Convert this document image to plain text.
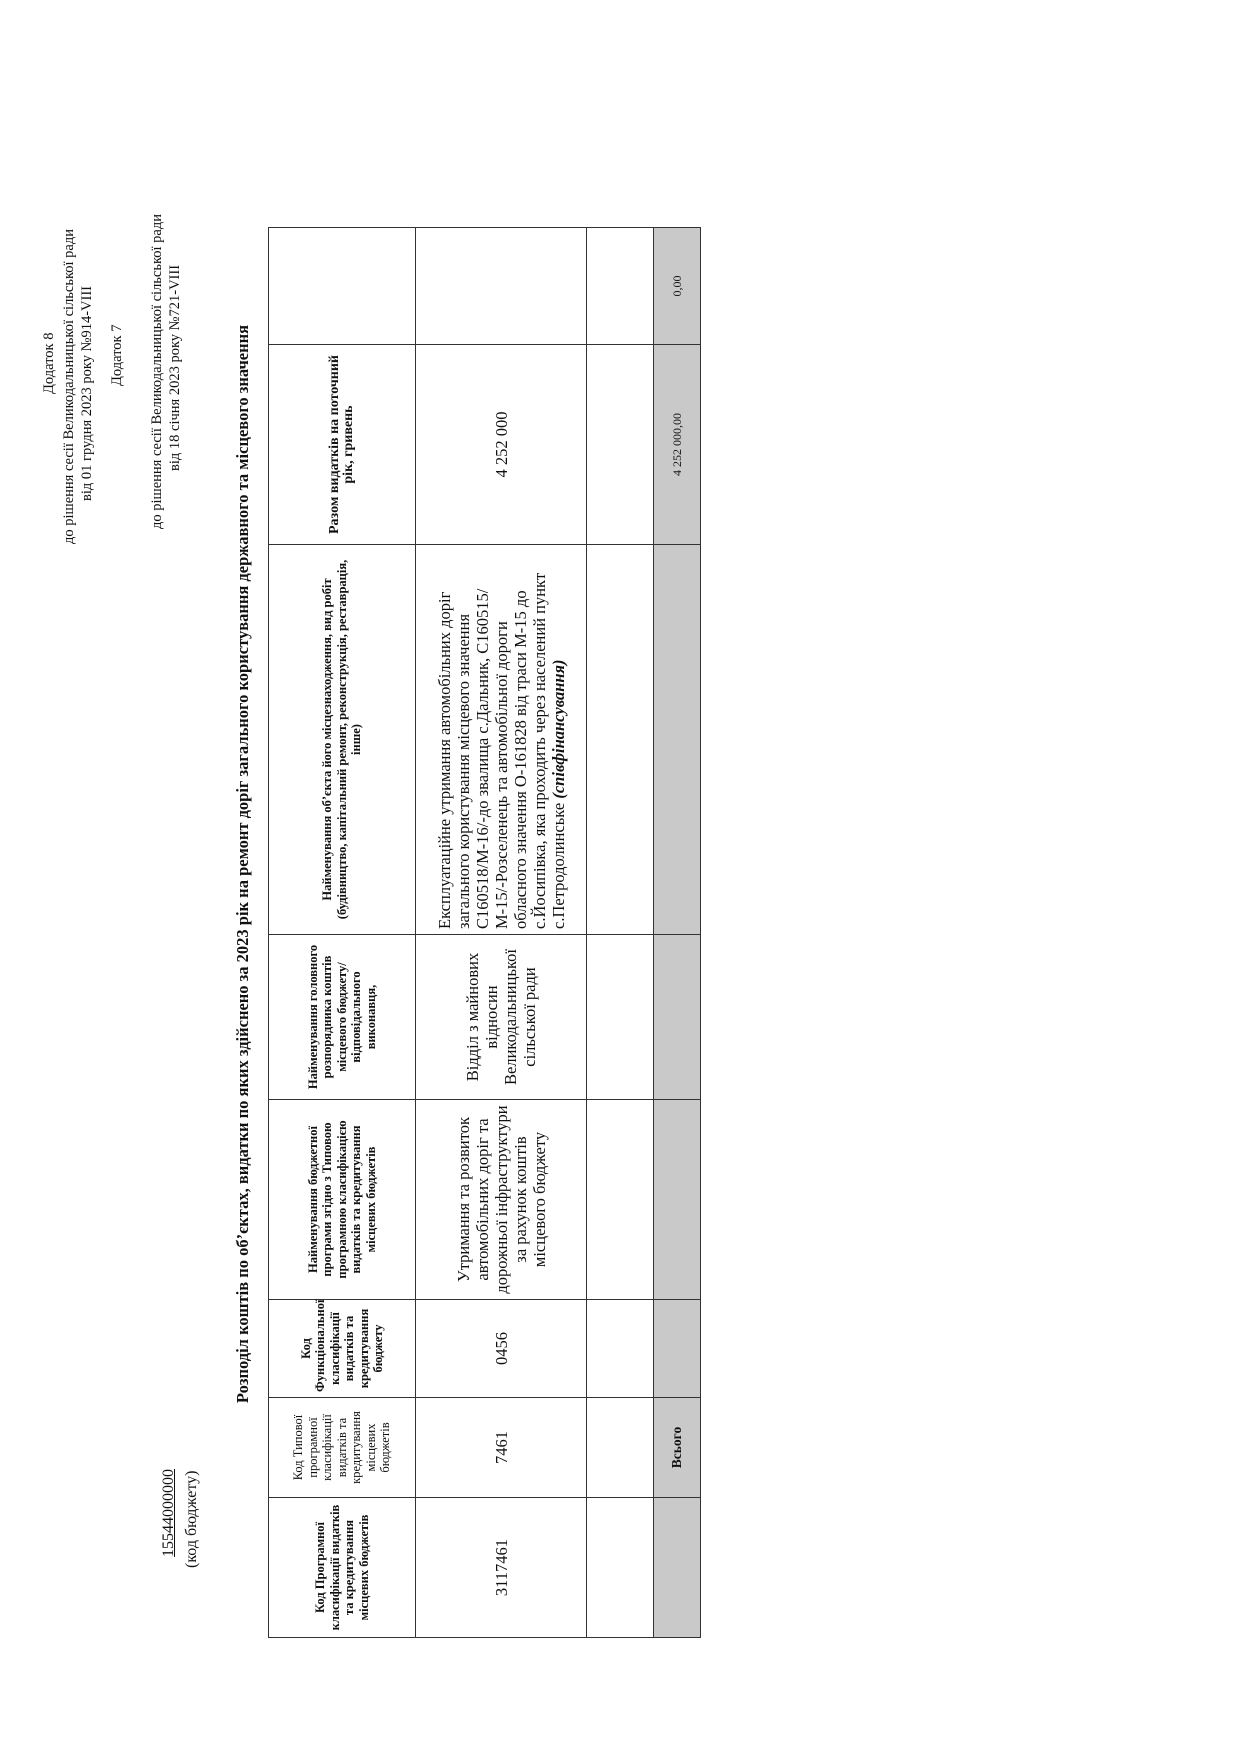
Додаток 8 до рішення сесії Великодальницької сільської ради від 01 грудня 2023 року №914-VIII Додаток 7 до рішення сесії Великодальницької сільської ради від 18 січня 2023 року №721-VIII
15544000000 (код бюджету)
Розподіл коштів по об’єктах, видатки по яких здійснено за 2023 рік на ремонт доріг загального користування державного та місцевого значення
Код Програмної класифікації видатків та кредитування місцевих бюджетів	Код Типової програмної класифікації видатків та кредитування місцевих бюджетів	Код Функціональної класифікації видатків та кредитування бюджету	Найменування бюджетної програми згідно з Типовою програмною класифікацією видатків та кредитування місцевих бюджетів	Найменування головного розпорядника коштів місцевого бюджету/відповідального виконавця,	Найменування об’єкта його місцезнаходження, вид робіт (будівництво, капітальний ремонт, реконструкція, реставрація, інше)	Разом видатків на поточний рік, гривень	
3117461	7461	0456	Утримання та розвиток автомобільних доріг та дорожньої інфраструктури за рахунок коштів місцевого бюджету	Відділ з майнових відносин Великодальницької сільської ради	Експлуатаційне утримання автомобільних доріг загального користування місцевого значення С160518/М-16/-до звалища с.Дальник, С160515/М-15/-Розселенець та автомобільної дороги обласного значення О-161828 від траси М-15 до с.Йосипівка, яка проходить через населений пункт с.Петродолинське (співфінансування)	4 252 000	

	Всього					4 252 000,00	0,00
